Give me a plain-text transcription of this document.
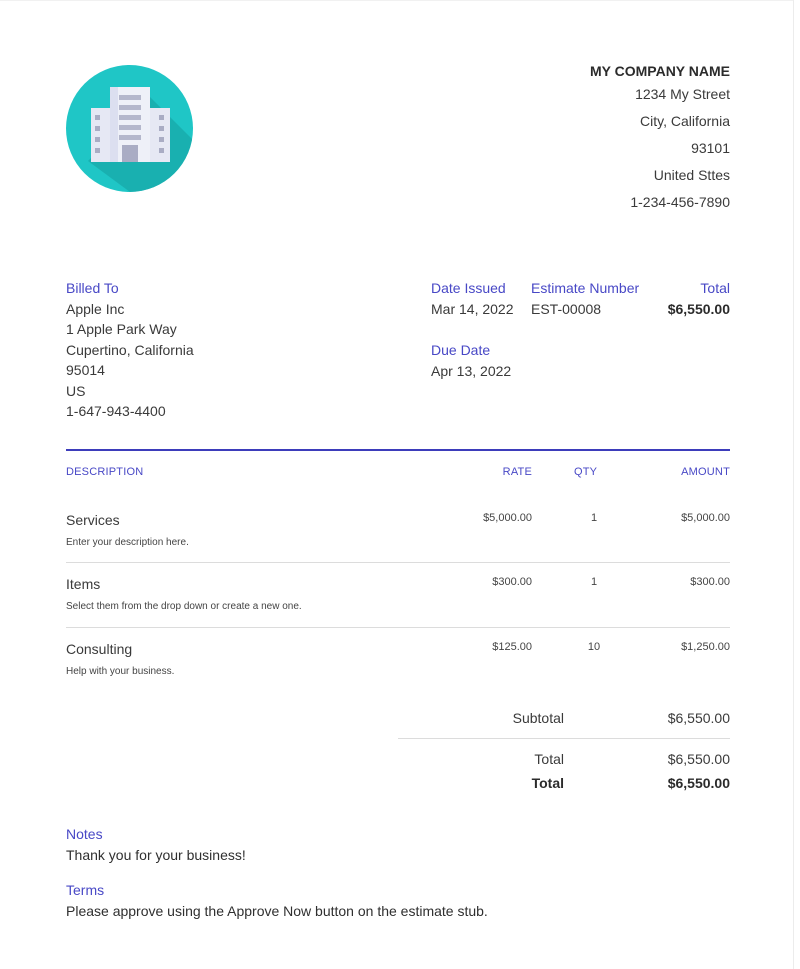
MY COMPANY NAME
1234 My Street
City, California
93101
United Sttes
1-234-456-7890
Billed To
Apple Inc
1 Apple Park Way
Cupertino, California
95014
US
1-647-943-4400
Date Issued
Mar 14, 2022
Estimate Number
EST-00008
Total
$6,550.00
Due Date
Apr 13, 2022
DESCRIPTION	RATE	QTY	AMOUNT
Services
Enter your description here.
$5,000.00	1	$5,000.00
Items
Select them from the drop down or create a new one.
$300.00	1	$300.00
Consulting
Help with your business.
$125.00	10	$1,250.00
Subtotal	$6,550.00
Total	$6,550.00
Total	$6,550.00
Notes
Thank you for your business!
Terms
Please approve using the Approve Now button on the estimate stub.
